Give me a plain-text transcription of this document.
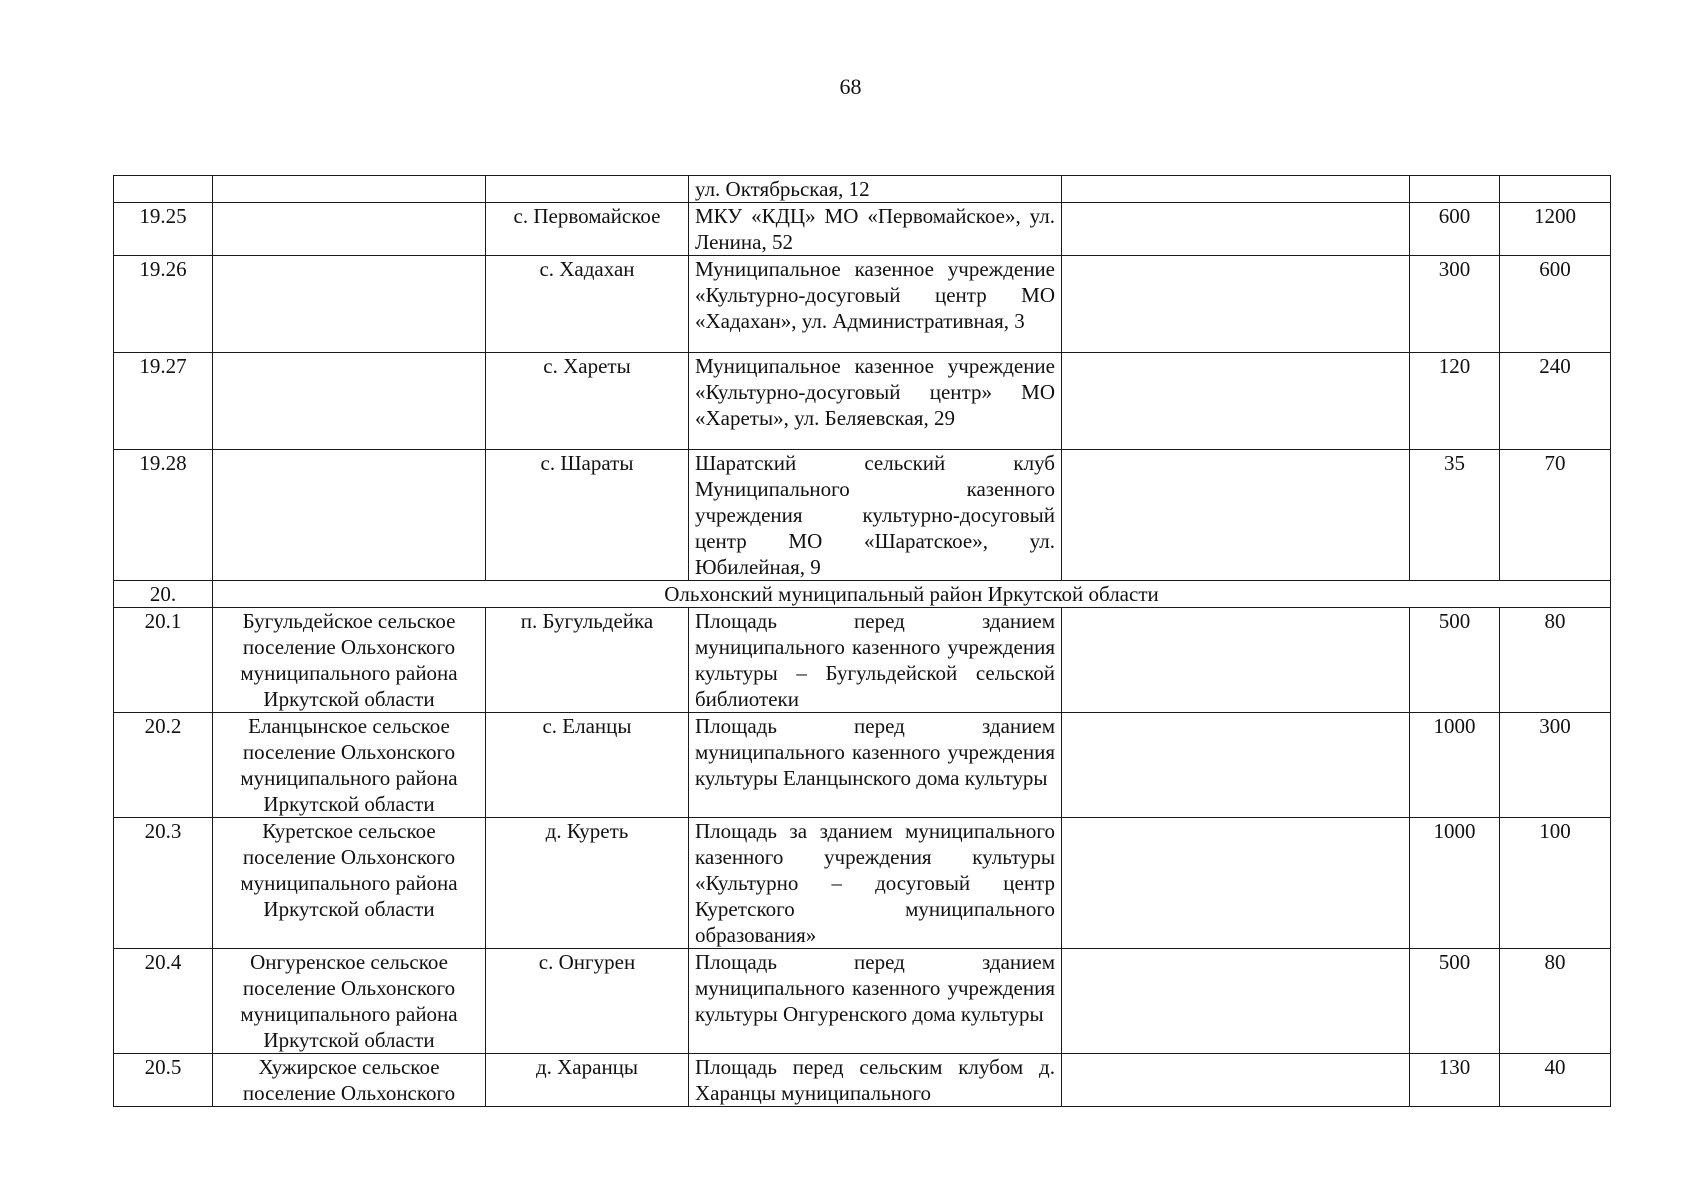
68
			ул. Октябрьская, 12			
19.25		с. Первомайское	МКУ «КДЦ» МО «Первомайское», ул. Ленина, 52		600	1200
19.26		с. Хадахан	Муниципальное казенное учреждение «Культурно-досуговый центр МО «Хадахан», ул. Административная, 3		300	600
19.27		с. Хареты	Муниципальное казенное учреждение «Культурно-досуговый центр» МО «Хареты», ул. Беляевская, 29		120	240
19.28		с. Шараты	Шаратский сельский клуб Муниципального казенного учреждения культурно-досуговый центр МО «Шаратское», ул. Юбилейная, 9		35	70
20.	Ольхонский муниципальный район Иркутской области					
20.1	Бугульдейское сельское поселение Ольхонского муниципального района Иркутской области	п. Бугульдейка	Площадь перед зданием муниципального казенного учреждения культуры – Бугульдейской сельской библиотеки		500	80
20.2	Еланцынское сельское поселение Ольхонского муниципального района Иркутской области	с. Еланцы	Площадь перед зданием муниципального казенного учреждения культуры Еланцынского дома культуры		1000	300
20.3	Куретское сельское поселение Ольхонского муниципального района Иркутской области	д. Куреть	Площадь за зданием муниципального казенного учреждения культуры «Культурно – досуговый центр Куретского муниципального образования»		1000	100
20.4	Онгуренское сельское поселение Ольхонского муниципального района Иркутской области	с. Онгурен	Площадь перед зданием муниципального казенного учреждения культуры Онгуренского дома культуры		500	80
20.5	Хужирское сельское поселение Ольхонского	д. Харанцы	Площадь перед сельским клубом д. Харанцы муниципального		130	40
